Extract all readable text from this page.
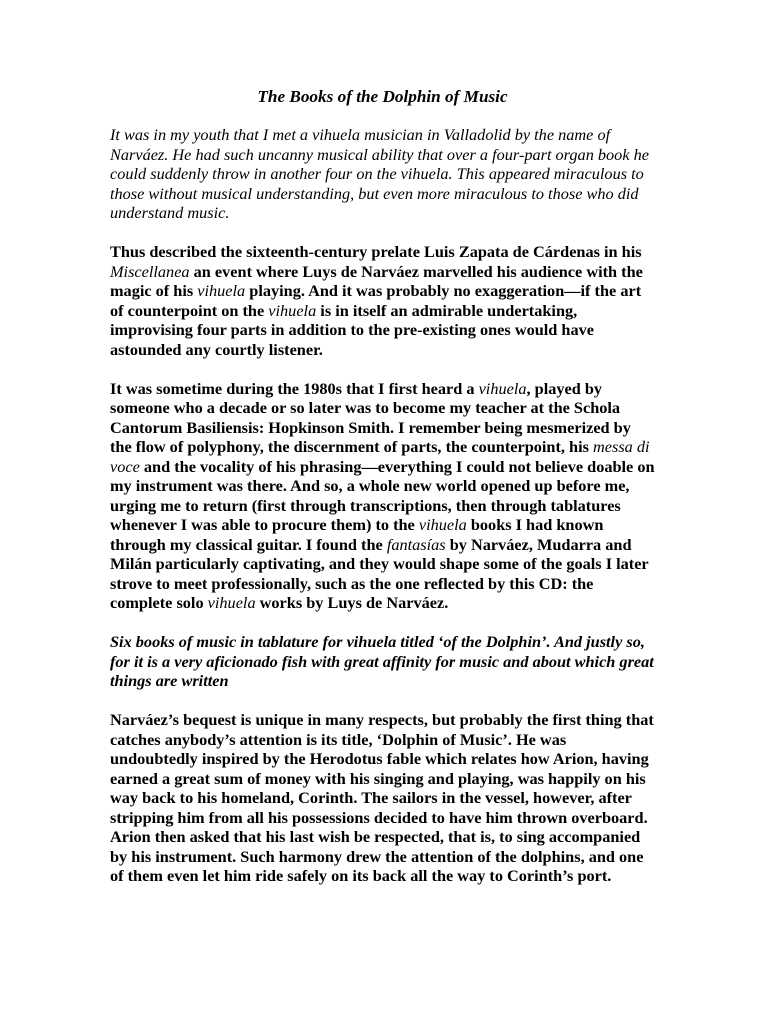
The Books of the Dolphin of Music
It was in my youth that I met a vihuela musician in Valladolid by the name of Narváez. He had such uncanny musical ability that over a four-part organ book he could suddenly throw in another four on the vihuela. This appeared miraculous to those without musical understanding, but even more miraculous to those who did understand music.
Thus described the sixteenth-century prelate Luis Zapata de Cárdenas in his Miscellanea an event where Luys de Narváez marvelled his audience with the magic of his vihuela playing. And it was probably no exaggeration—if the art of counterpoint on the vihuela is in itself an admirable undertaking, improvising four parts in addition to the pre-existing ones would have astounded any courtly listener.
It was sometime during the 1980s that I first heard a vihuela, played by someone who a decade or so later was to become my teacher at the Schola Cantorum Basiliensis: Hopkinson Smith. I remember being mesmerized by the flow of polyphony, the discernment of parts, the counterpoint, his messa di voce and the vocality of his phrasing—everything I could not believe doable on my instrument was there. And so, a whole new world opened up before me, urging me to return (first through transcriptions, then through tablatures whenever I was able to procure them) to the vihuela books I had known through my classical guitar. I found the fantasías by Narváez, Mudarra and Milán particularly captivating, and they would shape some of the goals I later strove to meet professionally, such as the one reflected by this CD: the complete solo vihuela works by Luys de Narváez.
Six books of music in tablature for vihuela titled ‘of the Dolphin’. And justly so, for it is a very aficionado fish with great affinity for music and about which great things are written
Narváez’s bequest is unique in many respects, but probably the first thing that catches anybody’s attention is its title, ‘Dolphin of Music’. He was undoubtedly inspired by the Herodotus fable which relates how Arion, having earned a great sum of money with his singing and playing, was happily on his way back to his homeland, Corinth. The sailors in the vessel, however, after stripping him from all his possessions decided to have him thrown overboard. Arion then asked that his last wish be respected, that is, to sing accompanied by his instrument. Such harmony drew the attention of the dolphins, and one of them even let him ride safely on its back all the way to Corinth’s port.
